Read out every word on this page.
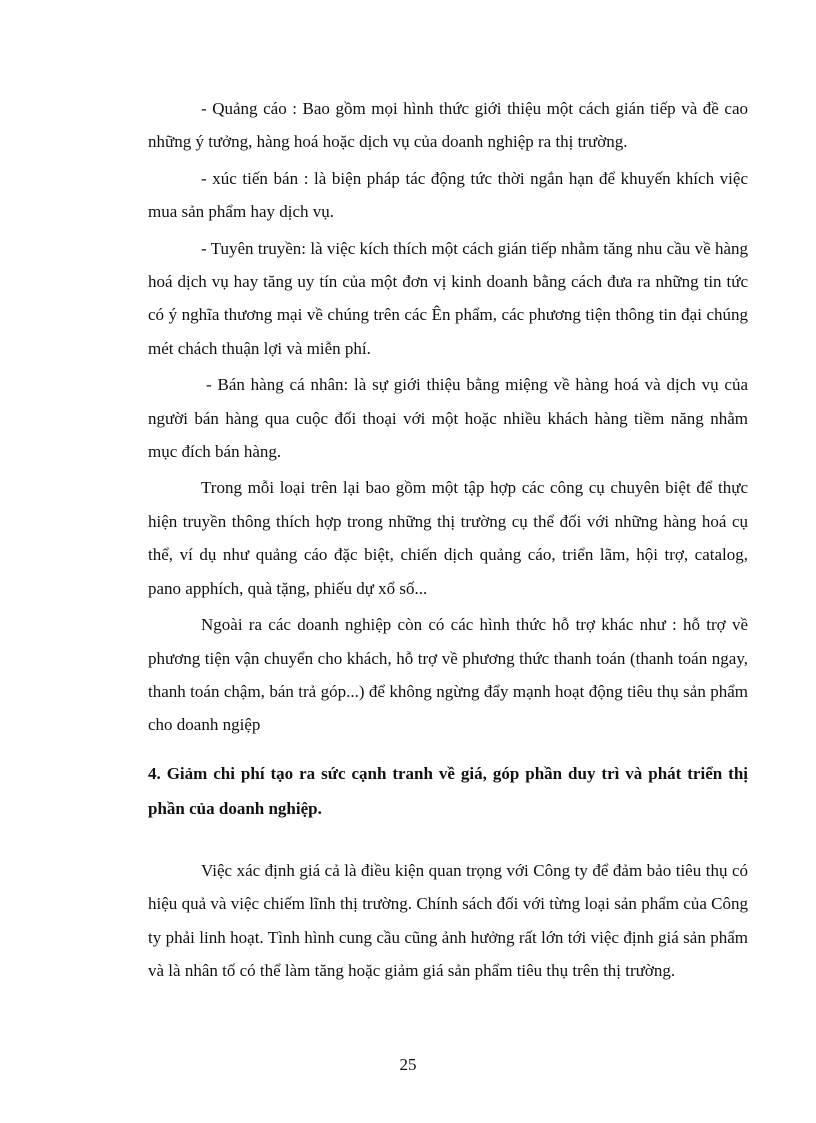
- Quảng cáo : Bao gồm mọi hình thức giới thiệu một cách gián tiếp và đề cao những ý tưởng, hàng hoá hoặc dịch vụ của doanh nghiệp ra thị trường.

- xúc tiến bán : là biện pháp tác động tức thời ngắn hạn để khuyến khích việc mua sản phẩm hay dịch vụ.

- Tuyên truyền: là việc kích thích một cách gián tiếp nhằm tăng nhu cầu về hàng hoá dịch vụ hay tăng uy tín của một đơn vị kinh doanh bằng cách đưa ra những tin tức có ý nghĩa thương mại về chúng trên các Ên phẩm, các phương tiện thông tin đại chúng mét chách thuận lợi và miễn phí.

- Bán hàng cá nhân: là sự giới thiệu bằng miệng về hàng hoá và dịch vụ của người bán hàng qua cuộc đối thoại với một hoặc nhiều khách hàng tiềm năng nhằm mục đích bán hàng.

Trong mỗi loại trên lại bao gồm một tập hợp các công cụ chuyên biệt để thực hiện truyền thông thích hợp trong những thị trường cụ thể đối với những hàng hoá cụ thể, ví dụ như quảng cáo đặc biệt, chiến dịch quảng cáo, triển lãm, hội trợ, catalog, pano apphích, quà tặng, phiếu dự xổ số...

Ngoài ra các doanh nghiệp còn có các hình thức hỗ trợ khác như : hỗ trợ về phương tiện vận chuyển cho khách, hỗ trợ về phương thức thanh toán (thanh toán ngay, thanh toán chậm, bán trả góp...) để không ngừng đẩy mạnh hoạt động tiêu thụ sản phẩm cho doanh ngiệp

4. Giảm chi phí tạo ra sức cạnh tranh về giá, góp phần duy trì và phát triển thị phần của doanh nghiệp.

Việc xác định giá cả là điều kiện quan trọng với Công ty để đảm bảo tiêu thụ có hiệu quả và việc chiếm lĩnh thị trường. Chính sách đối với từng loại sản phẩm của Công ty phải linh hoạt. Tình hình cung cầu cũng ảnh hưởng rất lớn tới việc định giá sản phẩm và là nhân tố có thể làm tăng hoặc giảm giá sản phẩm tiêu thụ trên thị trường.

25
